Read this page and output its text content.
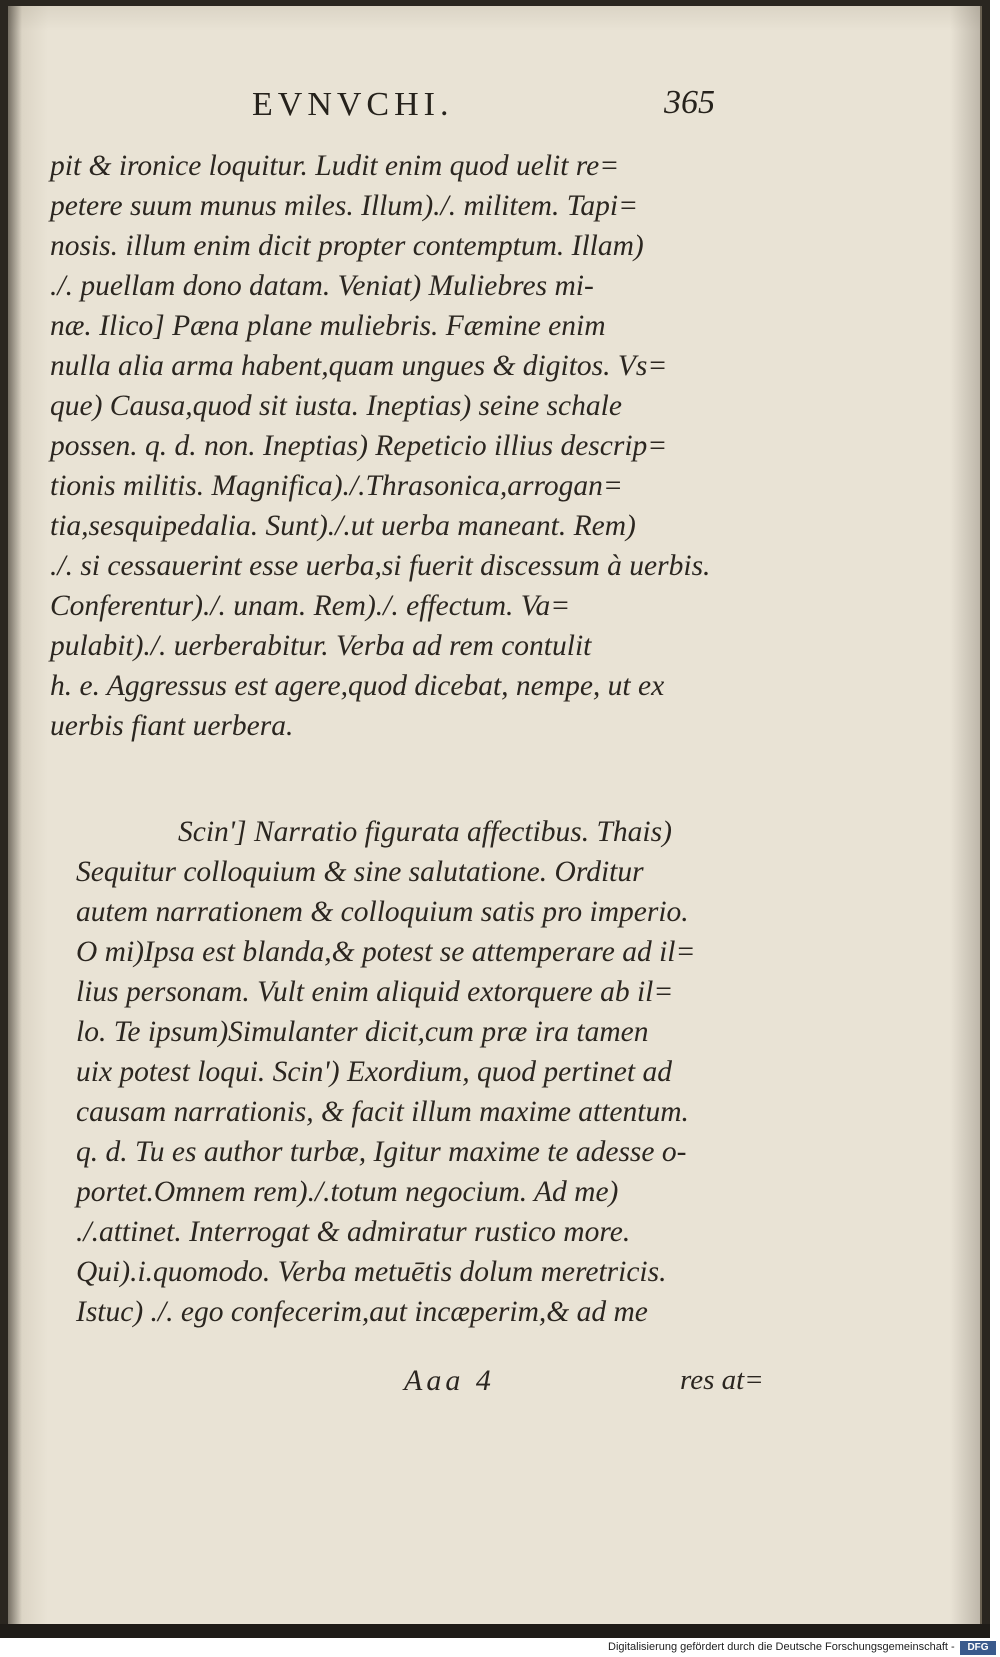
EVNVCHI.	365
pit & ironice loquitur. Ludit enim quod uelit re=
petere suum munus miles. Illum)./. militem. Tapi=
nosis. illum enim dicit propter contemptum. Illam)
./. puellam dono datam. Veniat) Muliebres mi-
næ. Ilico] Pæna plane muliebris. Fæmine enim
nulla alia arma habent,quam ungues & digitos. Vs=
que) Causa,quod sit iusta. Ineptias) seine schale
possen. q. d. non. Ineptias) Repeticio illius descrip=
tionis militis. Magnifica)./.Thrasonica,arrogan=
tia,sesquipedalia. Sunt)./.ut uerba maneant. Rem)
./. si cessauerint esse uerba,si fuerit discessum à uerbis.
Conferentur)./. unam. Rem)./. effectum. Va=
pulabit)./. uerberabitur. Verba ad rem contulit
h. e. Aggressus est agere,quod dicebat, nempe, ut ex
uerbis fiant uerbera.
Scin'] Narratio figurata affectibus. Thais)
Sequitur colloquium & sine salutatione. Orditur
autem narrationem & colloquium satis pro imperio.
O mi)Ipsa est blanda,& potest se attemperare ad il=
lius personam. Vult enim aliquid extorquere ab il=
lo. Te ipsum)Simulanter dicit,cum præ ira tamen
uix potest loqui. Scin') Exordium, quod pertinet ad
causam narrationis, & facit illum maxime attentum.
q. d. Tu es author turbæ, Igitur maxime te adesse o-
portet.Omnem rem)./.totum negocium. Ad me)
./.attinet. Interrogat & admiratur rustico more.
Qui).i.quomodo. Verba metuētis dolum meretricis.
Istuc) ./. ego confecerim,aut incæperim,& ad me
Aaa 4	res at=
Digitalisierung gefördert durch die Deutsche Forschungsgemeinschaft -	DFG
